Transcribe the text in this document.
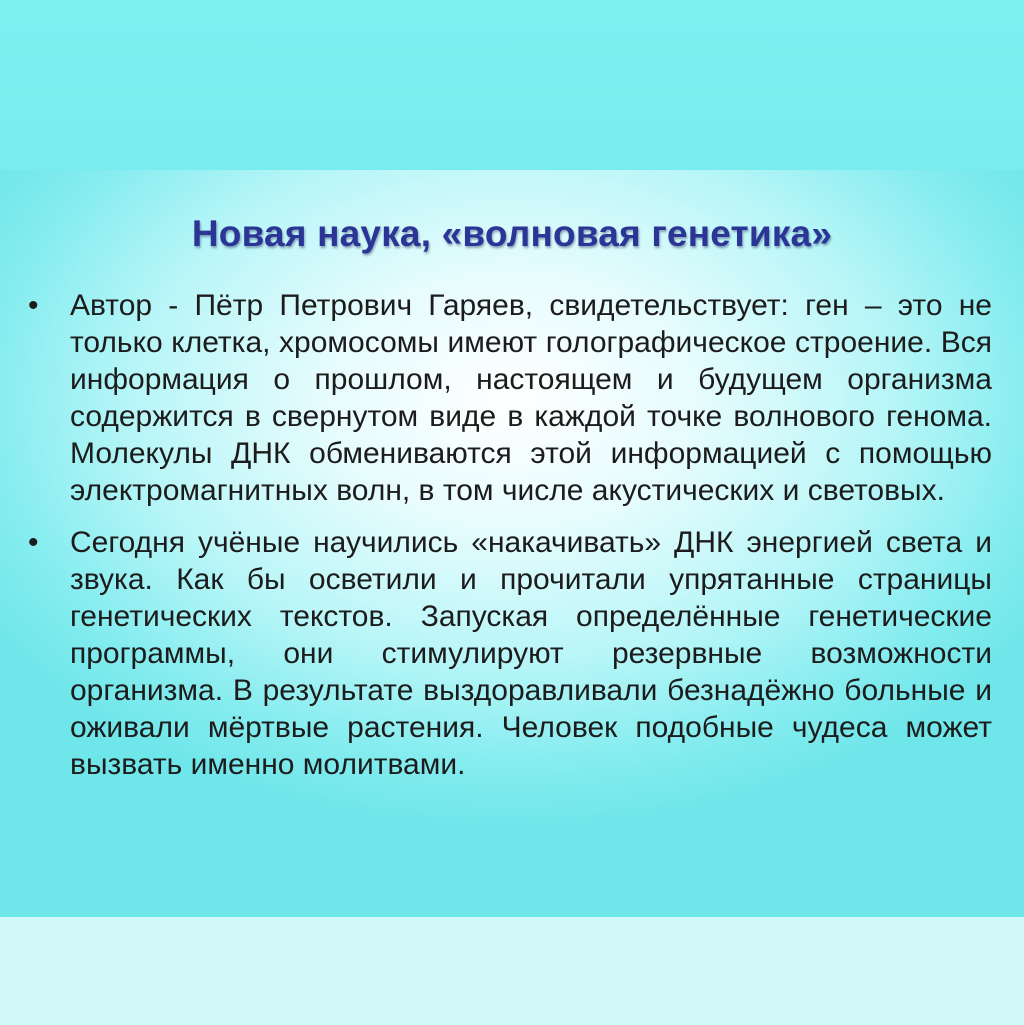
Новая наука, «волновая генетика»
•	Автор - Пётр Петрович Гаряев, свидетельствует: ген – это не только клетка, хромосомы имеют голографическое строение. Вся информация о прошлом, настоящем и будущем организма содержится в свернутом виде в каждой точке волнового генома. Молекулы ДНК обмениваются этой информацией с помощью электромагнитных волн, в том числе акустических и световых.
•	Сегодня учёные научились «накачивать» ДНК энергией света и звука. Как бы осветили и прочитали упрятанные страницы генетических текстов. Запуская определённые генетические программы, они стимулируют резервные возможности организма. В результате выздоравливали безнадёжно больные и оживали мёртвые растения. Человек подобные чудеса может вызвать именно молитвами.
